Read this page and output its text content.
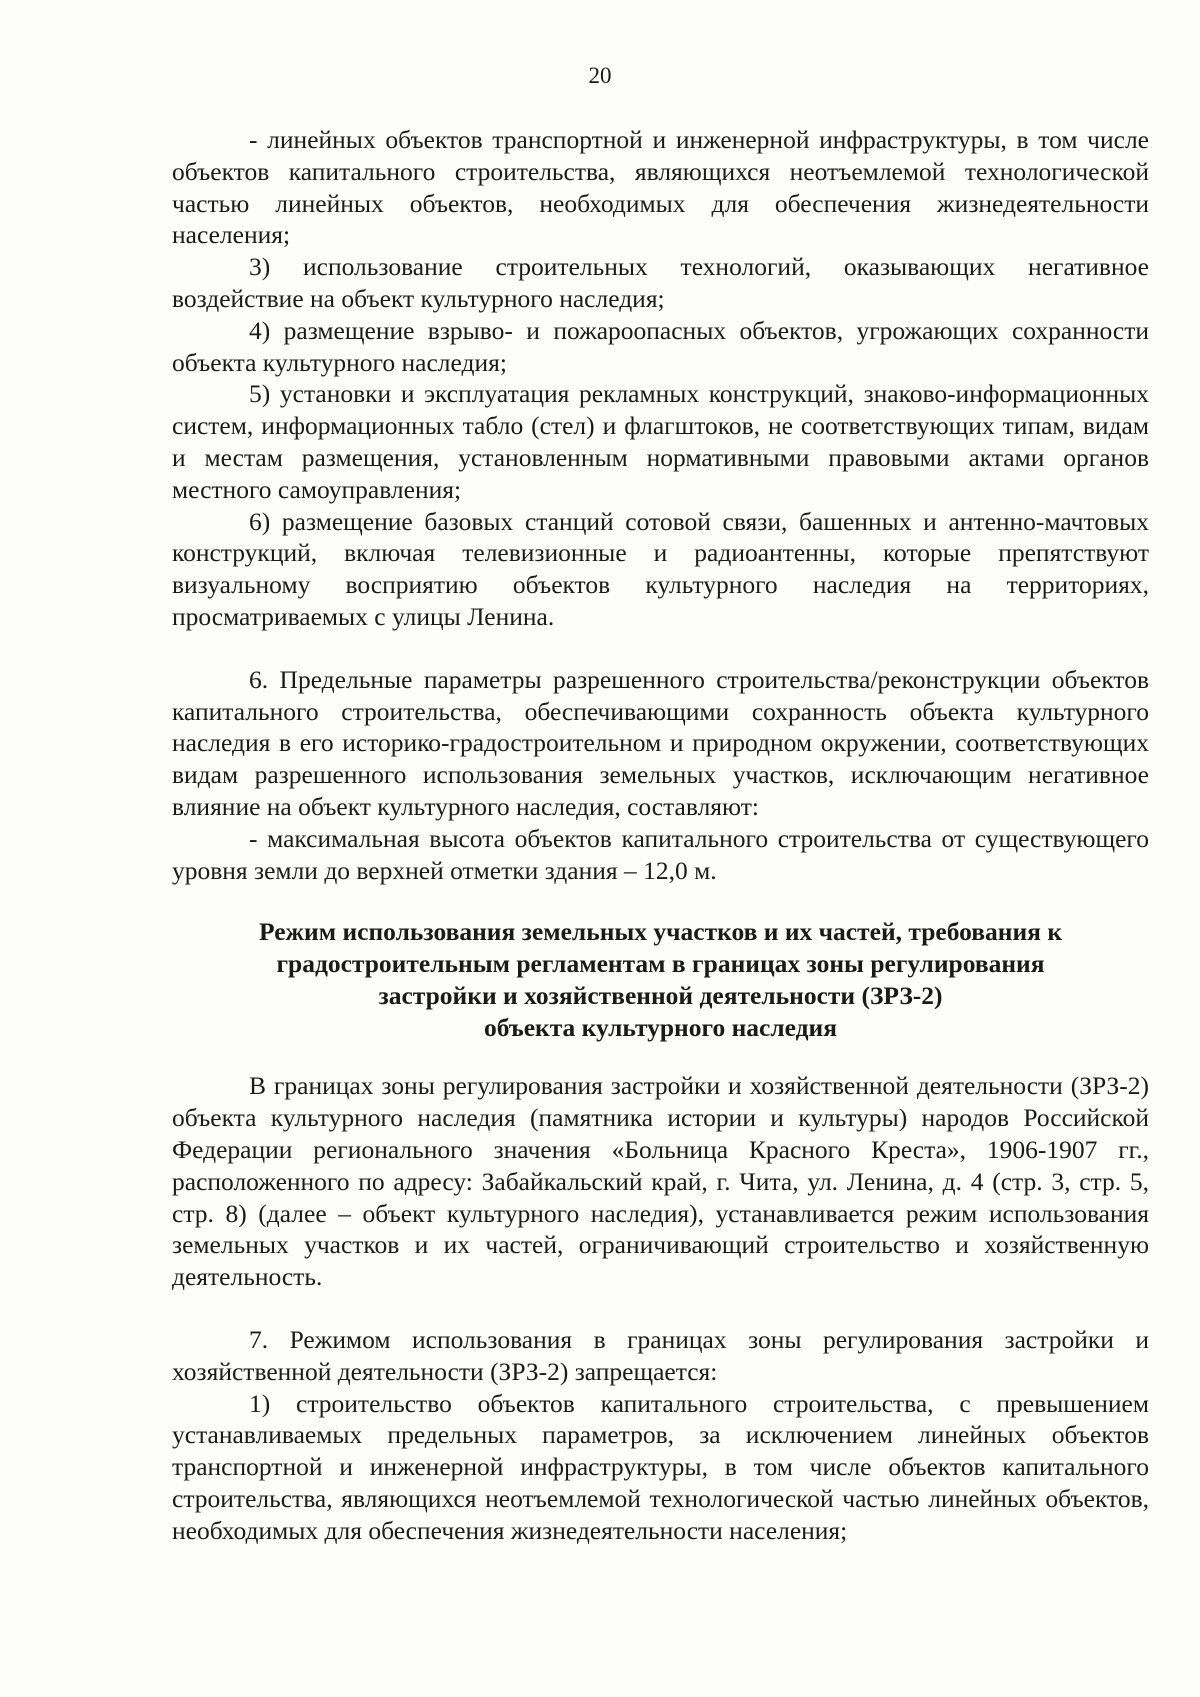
20

- линейных объектов транспортной и инженерной инфраструктуры, в том числе объектов капитального строительства, являющихся неотъемлемой технологической частью линейных объектов, необходимых для обеспечения жизнедеятельности населения;

3) использование строительных технологий, оказывающих негативное воздействие на объект культурного наследия;

4) размещение взрыво- и пожароопасных объектов, угрожающих сохранности объекта культурного наследия;

5) установки и эксплуатация рекламных конструкций, знаково-информационных систем, информационных табло (стел) и флагштоков, не соответствующих типам, видам и местам размещения, установленным нормативными правовыми актами органов местного самоуправления;

6) размещение базовых станций сотовой связи, башенных и антенно-мачтовых конструкций, включая телевизионные и радиоантенны, которые препятствуют визуальному восприятию объектов культурного наследия на территориях, просматриваемых с улицы Ленина.

6. Предельные параметры разрешенного строительства/реконструкции объектов капитального строительства, обеспечивающими сохранность объекта культурного наследия в его историко-градостроительном и природном окружении, соответствующих видам разрешенного использования земельных участков, исключающим негативное влияние на объект культурного наследия, составляют:

- максимальная высота объектов капитального строительства от существующего уровня земли до верхней отметки здания – 12,0 м.

Режим использования земельных участков и их частей, требования к
градостроительным регламентам в границах зоны регулирования
застройки и хозяйственной деятельности (ЗРЗ-2)
объекта культурного наследия

В границах зоны регулирования застройки и хозяйственной деятельности (ЗРЗ-2) объекта культурного наследия (памятника истории и культуры) народов Российской Федерации регионального значения «Больница Красного Креста», 1906-1907 гг., расположенного по адресу: Забайкальский край, г. Чита, ул. Ленина, д. 4 (стр. 3, стр. 5, стр. 8) (далее – объект культурного наследия), устанавливается режим использования земельных участков и их частей, ограничивающий строительство и хозяйственную деятельность.

7. Режимом использования в границах зоны регулирования застройки и хозяйственной деятельности (ЗРЗ-2) запрещается:

1) строительство объектов капитального строительства, с превышением устанавливаемых предельных параметров, за исключением линейных объектов транспортной и инженерной инфраструктуры, в том числе объектов капитального строительства, являющихся неотъемлемой технологической частью линейных объектов, необходимых для обеспечения жизнедеятельности населения;
